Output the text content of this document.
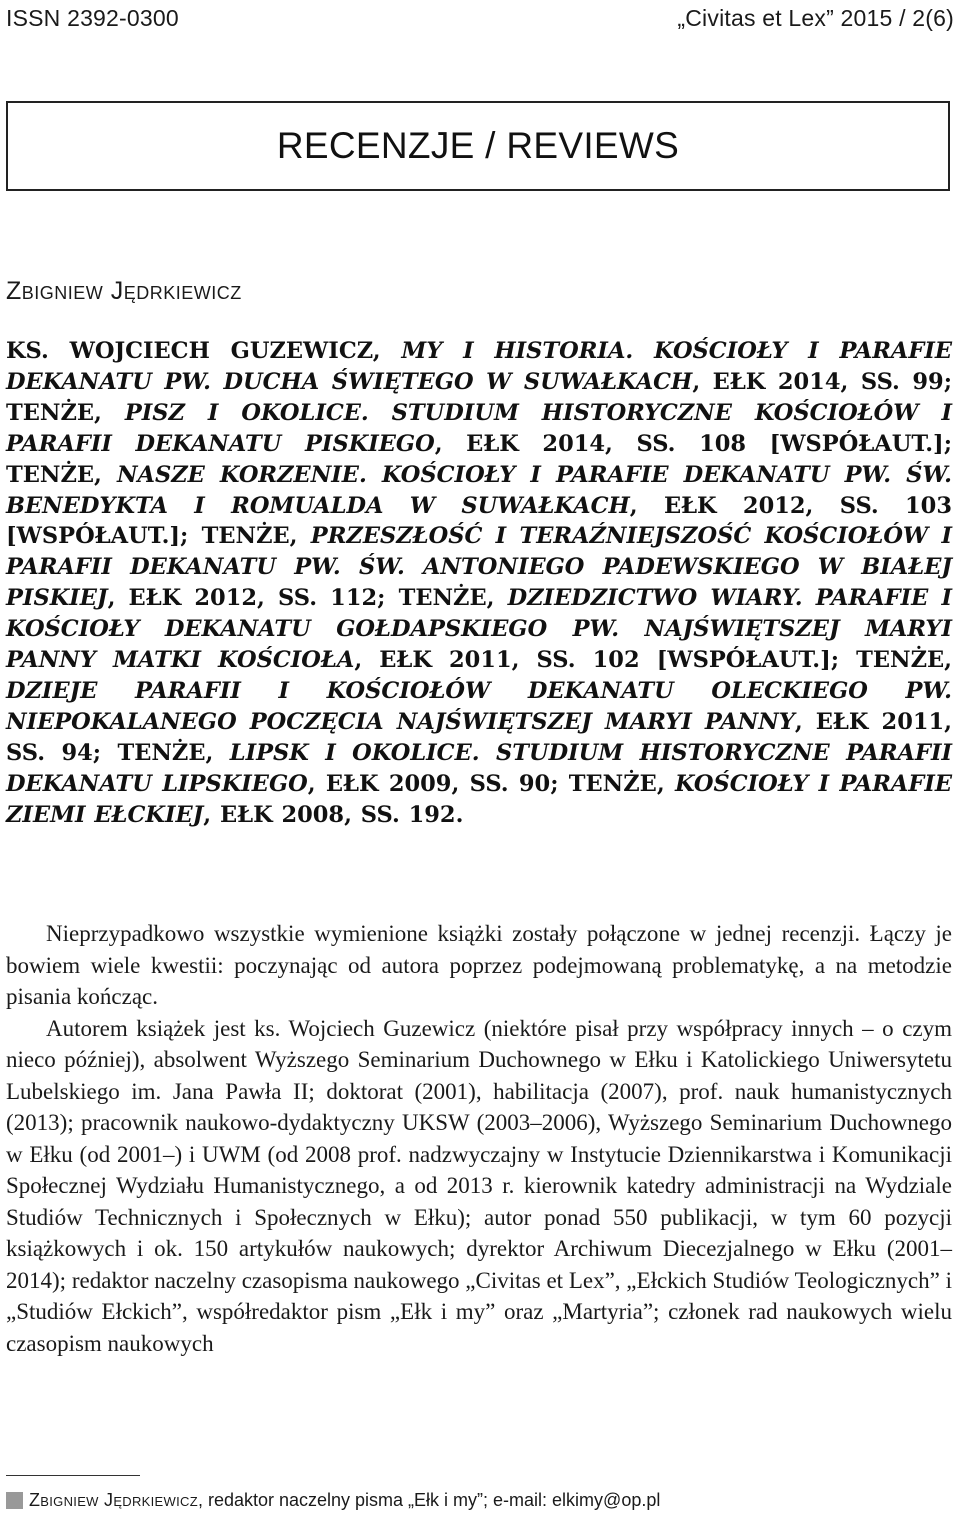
ISSN 2392-0300	„Civitas et Lex” 2015 / 2(6)
RECENZJE / REVIEWS
Zbigniew Jędrkiewicz
KS. WOJCIECH GUZEWICZ, MY I HISTORIA. KOŚCIOŁY I PARAFIE DEKANATU PW. DUCHA ŚWIĘTEGO W SUWAŁKACH, EŁK 2014, SS. 99; TENŻE, PISZ I OKOLICE. STUDIUM HISTORYCZNE KOŚCIOŁÓW I PARAFII DEKANATU PISKIEGO, EŁK 2014, SS. 108 [WSPÓŁAUT.]; TENŻE, NASZE KORZENIE. KOŚCIOŁY I PARAFIE DEKANATU PW. ŚW. BENEDYKTA I ROMUALDA W SUWAŁKACH, EŁK 2012, SS. 103 [WSPÓŁAUT.]; TENŻE, PRZESZŁOŚĆ I TERAŹNIEJSZOŚĆ KOŚCIOŁÓW I PARAFII DEKANATU PW. ŚW. ANTONIEGO PADEWSKIEGO W BIAŁEJ PISKIEJ, EŁK 2012, SS. 112; TENŻE, DZIEDZICTWO WIARY. PARAFIE I KOŚCIOŁY DEKANATU GOŁDAPSKIEGO PW. NAJŚWIĘTSZEJ MARYI PANNY MATKI KOŚCIOŁA, EŁK 2011, SS. 102 [WSPÓŁAUT.]; TENŻE, DZIEJE PARAFII I KOŚCIOŁÓW DEKANATU OLECKIEGO PW. NIEPOKALANEGO POCZĘCIA NAJŚWIĘTSZEJ MARYI PANNY, EŁK 2011, SS. 94; TENŻE, LIPSK I OKOLICE. STUDIUM HISTORYCZNE PARAFII DEKANATU LIPSKIEGO, EŁK 2009, SS. 90; TENŻE, KOŚCIOŁY I PARAFIE ZIEMI EŁCKIEJ, EŁK 2008, SS. 192.

Nieprzypadkowo wszystkie wymienione książki zostały połączone w jednej recenzji. Łączy je bowiem wiele kwestii: poczynając od autora poprzez podejmowaną problematykę, a na metodzie pisania kończąc.

Autorem książek jest ks. Wojciech Guzewicz (niektóre pisał przy współpracy innych – o czym nieco później), absolwent Wyższego Seminarium Duchownego w Ełku i Katolickiego Uniwersytetu Lubelskiego im. Jana Pawła II; doktorat (2001), habilitacja (2007), prof. nauk humanistycznych (2013); pracownik naukowo-dydaktyczny UKSW (2003–2006), Wyższego Seminarium Duchownego w Ełku (od 2001–) i UWM (od 2008 prof. nadzwyczajny w Instytucie Dziennikarstwa i Komunikacji Społecznej Wydziału Humanistycznego, a od 2013 r. kierownik katedry administracji na Wydziale Studiów Technicznych i Społecznych w Ełku); autor ponad 550 publikacji, w tym 60 pozycji książkowych i ok. 150 artykułów naukowych; dyrektor Archiwum Diecezjalnego w Ełku (2001–2014); redaktor naczelny czasopisma naukowego „Civitas et Lex”, „Ełckich Studiów Teologicznych” i „Studiów Ełckich”, współredaktor pism „Ełk i my” oraz „Martyria”; członek rad naukowych wielu czasopism naukowych

Zbigniew Jędrkiewicz , redaktor naczelny pisma „Ełk i my”; e-mail: elkimy@op.pl
